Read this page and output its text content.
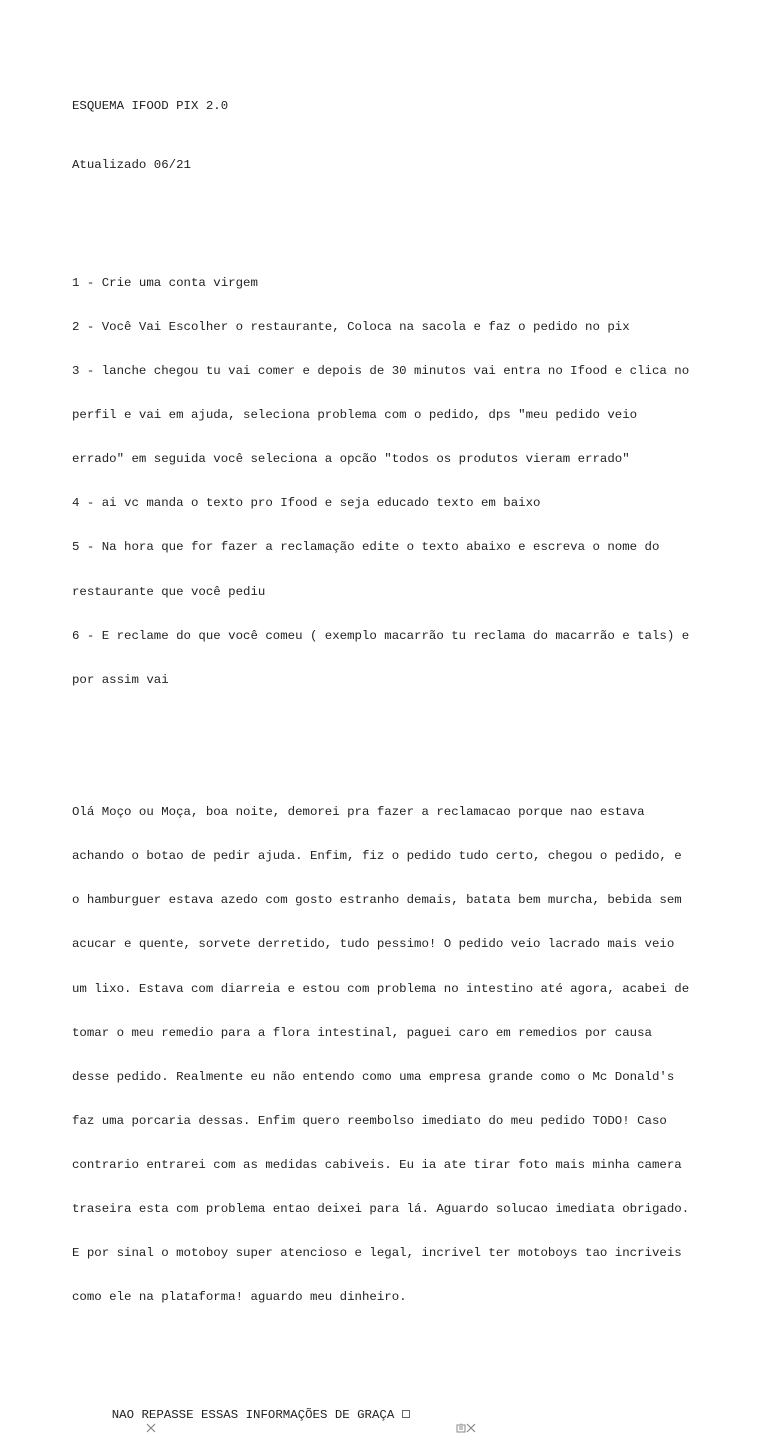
ESQUEMA IFOOD PIX 2.0

Atualizado 06/21

1 - Crie uma conta virgem

2 - Você Vai Escolher o restaurante, Coloca na sacola e faz o pedido no pix

3 - lanche chegou tu vai comer e depois de 30 minutos vai entra no Ifood e clica no

perfil e vai em ajuda, seleciona problema com o pedido, dps "meu pedido veio

errado" em seguida você seleciona a opcão "todos os produtos vieram errado"

4 - ai vc manda o texto pro Ifood e seja educado texto em baixo

5 - Na hora que for fazer a reclamação edite o texto abaixo e escreva o nome do

restaurante que você pediu

6 - E reclame do que você comeu ( exemplo macarrão tu reclama do macarrão e tals) e

por assim vai

Olá Moço ou Moça, boa noite, demorei pra fazer a reclamacao porque nao estava

achando o botao de pedir ajuda. Enfim, fiz o pedido tudo certo, chegou o pedido, e

o hamburguer estava azedo com gosto estranho demais, batata bem murcha, bebida sem

acucar e quente, sorvete derretido, tudo pessimo! O pedido veio lacrado mais veio

um lixo. Estava com diarreia e estou com problema no intestino até agora, acabei de

tomar o meu remedio para a flora intestinal, paguei caro em remedios por causa

desse pedido. Realmente eu não entendo como uma empresa grande como o Mc Donald's

faz uma porcaria dessas. Enfim quero reembolso imediato do meu pedido TODO! Caso

contrario entrarei com as medidas cabiveis. Eu ia ate tirar foto mais minha camera

traseira esta com problema entao deixei para lá. Aguardo solucao imediata obrigado.

E por sinal o motoboy super atencioso e legal, incrivel ter motoboys tao incriveis

como ele na plataforma! aguardo meu dinheiro.

NAO REPASSE ESSAS INFORMAÇÕES DE GRAÇA
